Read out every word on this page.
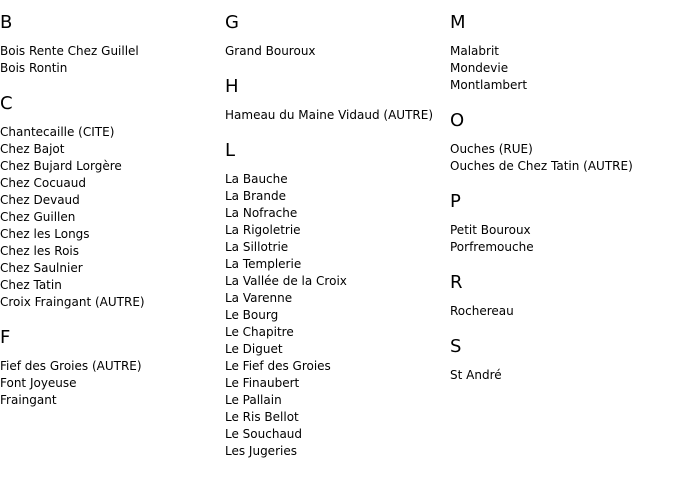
B
Bois Rente Chez Guillel
Bois Rontin
C
Chantecaille (CITE)
Chez Bajot
Chez Bujard Lorgère
Chez Cocuaud
Chez Devaud
Chez Guillen
Chez les Longs
Chez les Rois
Chez Saulnier
Chez Tatin
Croix Fraingant (AUTRE)
F
Fief des Groies (AUTRE)
Font Joyeuse
Fraingant
G
Grand Bouroux
H
Hameau du Maine Vidaud (AUTRE)
L
La Bauche
La Brande
La Nofrache
La Rigoletrie
La Sillotrie
La Templerie
La Vallée de la Croix
La Varenne
Le Bourg
Le Chapitre
Le Diguet
Le Fief des Groies
Le Finaubert
Le Pallain
Le Ris Bellot
Le Souchaud
Les Jugeries
M
Malabrit
Mondevie
Montlambert
O
Ouches (RUE)
Ouches de Chez Tatin (AUTRE)
P
Petit Bouroux
Porfremouche
R
Rochereau
S
St André
